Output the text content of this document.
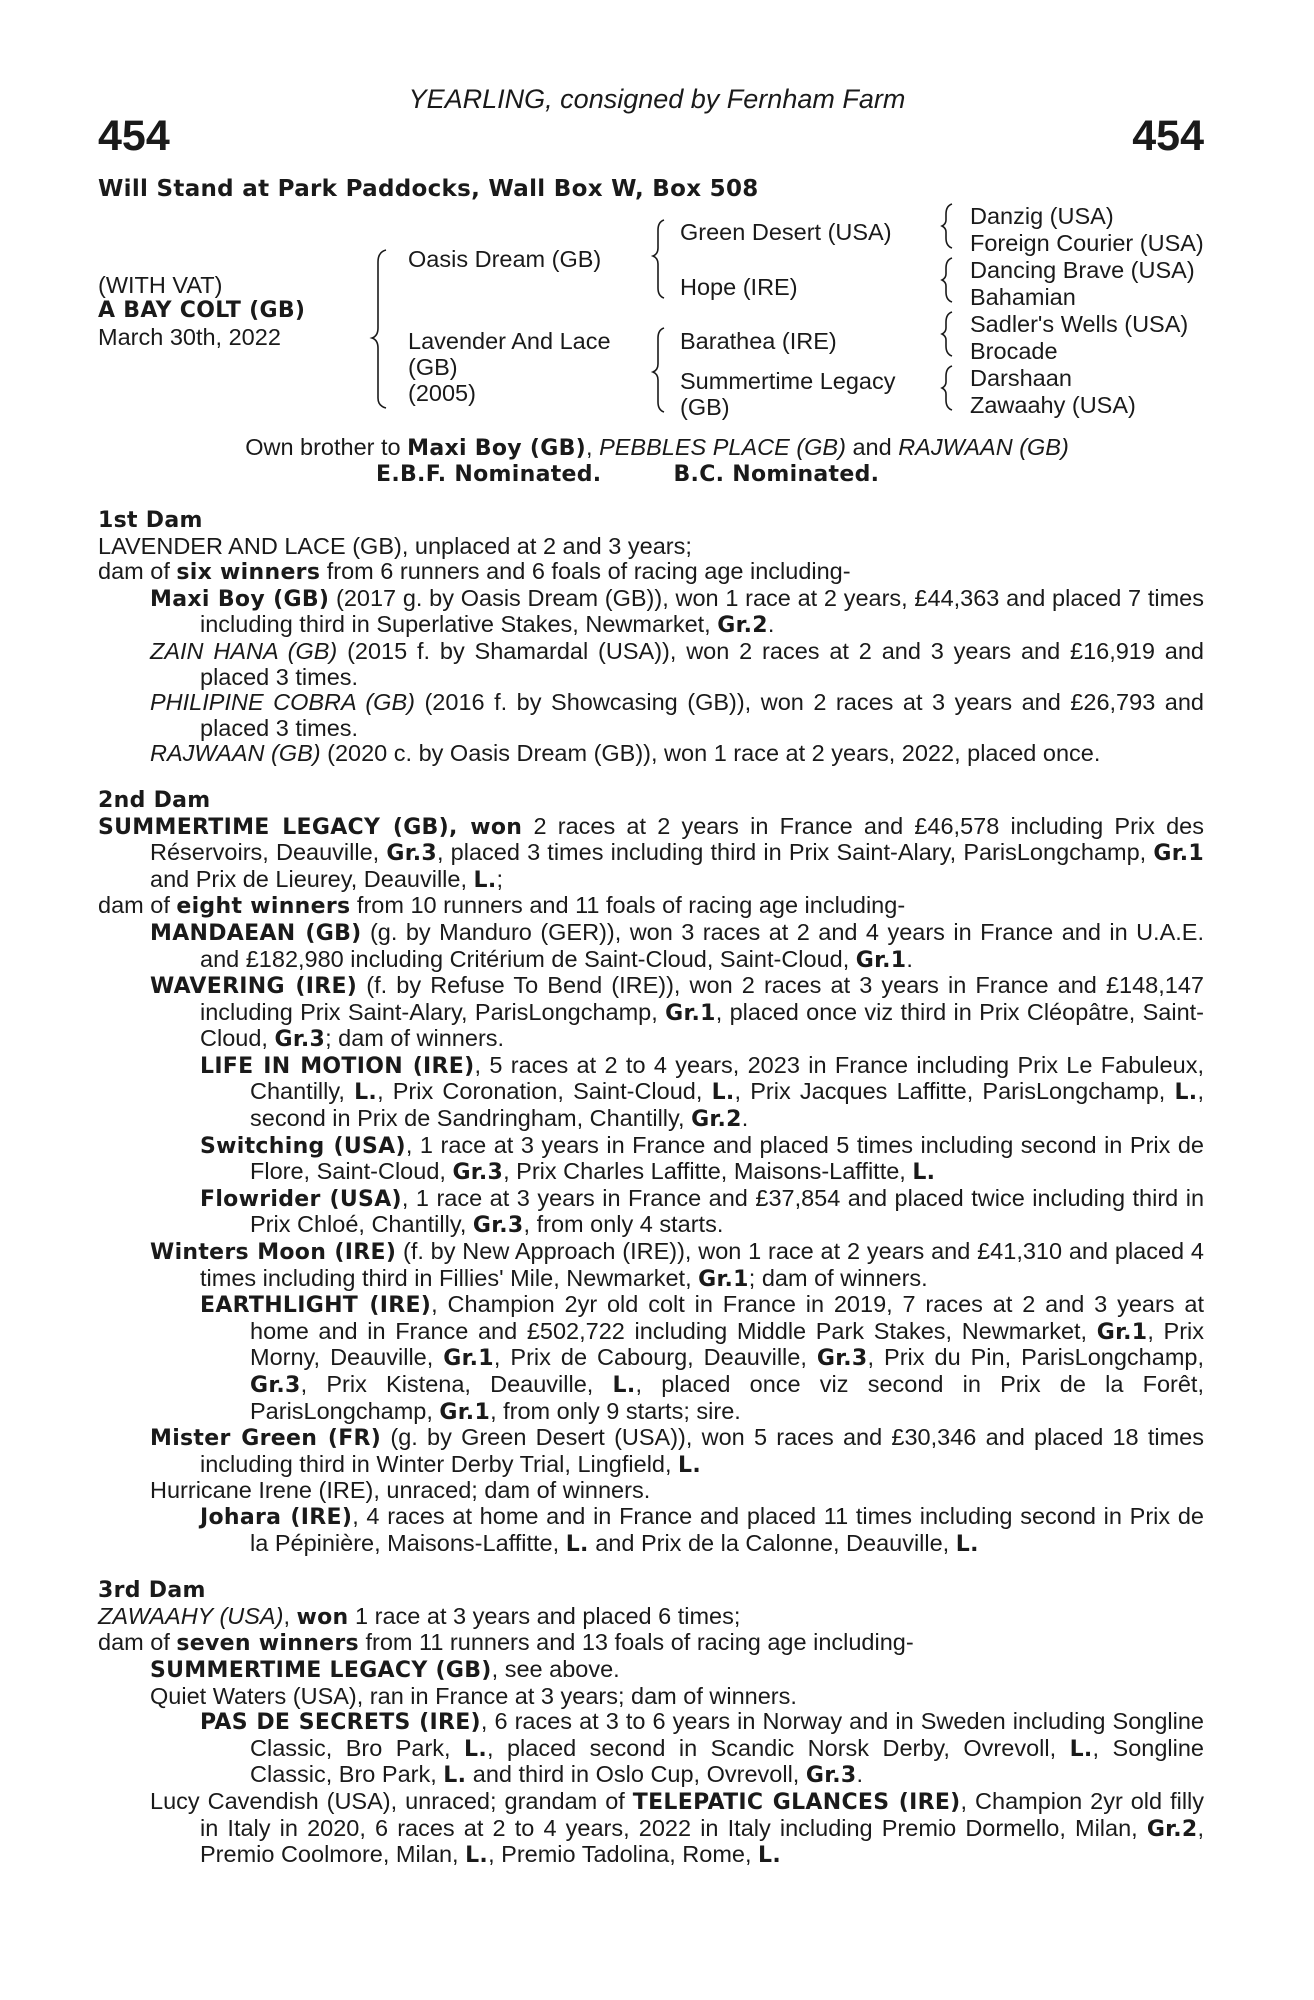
YEARLING, consigned by Fernham Farm
454	454
Will Stand at Park Paddocks, Wall Box W, Box 508
(WITH VAT)
A BAY COLT (GB)
March 30th, 2022
Oasis Dream (GB)
Lavender And Lace
(GB)
(2005)
Green Desert (USA)
Hope (IRE)
Barathea (IRE)
Summertime Legacy
(GB)
Danzig (USA)
Foreign Courier (USA)
Dancing Brave (USA)
Bahamian
Sadler's Wells (USA)
Brocade
Darshaan
Zawaahy (USA)
Own brother to Maxi Boy (GB), PEBBLES PLACE (GB) and RAJWAAN (GB)
E.B.F. Nominated.	B.C. Nominated.
1st Dam
LAVENDER AND LACE (GB), unplaced at 2 and 3 years;
dam of six winners from 6 runners and 6 foals of racing age including-
Maxi Boy (GB) (2017 g. by Oasis Dream (GB)), won 1 race at 2 years, £44,363 and placed 7 times including third in Superlative Stakes, Newmarket, Gr.2.
ZAIN HANA (GB) (2015 f. by Shamardal (USA)), won 2 races at 2 and 3 years and £16,919 and placed 3 times.
PHILIPINE COBRA (GB) (2016 f. by Showcasing (GB)), won 2 races at 3 years and £26,793 and placed 3 times.
RAJWAAN (GB) (2020 c. by Oasis Dream (GB)), won 1 race at 2 years, 2022, placed once.
2nd Dam
SUMMERTIME LEGACY (GB), won 2 races at 2 years in France and £46,578 including Prix des Réservoirs, Deauville, Gr.3, placed 3 times including third in Prix Saint-Alary, ParisLongchamp, Gr.1 and Prix de Lieurey, Deauville, L.;
dam of eight winners from 10 runners and 11 foals of racing age including-
MANDAEAN (GB) (g. by Manduro (GER)), won 3 races at 2 and 4 years in France and in U.A.E. and £182,980 including Critérium de Saint-Cloud, Saint-Cloud, Gr.1.
WAVERING (IRE) (f. by Refuse To Bend (IRE)), won 2 races at 3 years in France and £148,147 including Prix Saint-Alary, ParisLongchamp, Gr.1, placed once viz third in Prix Cléopâtre, Saint-Cloud, Gr.3; dam of winners.
LIFE IN MOTION (IRE), 5 races at 2 to 4 years, 2023 in France including Prix Le Fabuleux, Chantilly, L., Prix Coronation, Saint-Cloud, L., Prix Jacques Laffitte, ParisLongchamp, L., second in Prix de Sandringham, Chantilly, Gr.2.
Switching (USA), 1 race at 3 years in France and placed 5 times including second in Prix de Flore, Saint-Cloud, Gr.3, Prix Charles Laffitte, Maisons-Laffitte, L.
Flowrider (USA), 1 race at 3 years in France and £37,854 and placed twice including third in Prix Chloé, Chantilly, Gr.3, from only 4 starts.
Winters Moon (IRE) (f. by New Approach (IRE)), won 1 race at 2 years and £41,310 and placed 4 times including third in Fillies' Mile, Newmarket, Gr.1; dam of winners.
EARTHLIGHT (IRE), Champion 2yr old colt in France in 2019, 7 races at 2 and 3 years at home and in France and £502,722 including Middle Park Stakes, Newmarket, Gr.1, Prix Morny, Deauville, Gr.1, Prix de Cabourg, Deauville, Gr.3, Prix du Pin, ParisLongchamp, Gr.3, Prix Kistena, Deauville, L., placed once viz second in Prix de la Forêt, ParisLongchamp, Gr.1, from only 9 starts; sire.
Mister Green (FR) (g. by Green Desert (USA)), won 5 races and £30,346 and placed 18 times including third in Winter Derby Trial, Lingfield, L.
Hurricane Irene (IRE), unraced; dam of winners.
Johara (IRE), 4 races at home and in France and placed 11 times including second in Prix de la Pépinière, Maisons-Laffitte, L. and Prix de la Calonne, Deauville, L.
3rd Dam
ZAWAAHY (USA), won 1 race at 3 years and placed 6 times;
dam of seven winners from 11 runners and 13 foals of racing age including-
SUMMERTIME LEGACY (GB), see above.
Quiet Waters (USA), ran in France at 3 years; dam of winners.
PAS DE SECRETS (IRE), 6 races at 3 to 6 years in Norway and in Sweden including Songline Classic, Bro Park, L., placed second in Scandic Norsk Derby, Ovrevoll, L., Songline Classic, Bro Park, L. and third in Oslo Cup, Ovrevoll, Gr.3.
Lucy Cavendish (USA), unraced; grandam of TELEPATIC GLANCES (IRE), Champion 2yr old filly in Italy in 2020, 6 races at 2 to 4 years, 2022 in Italy including Premio Dormello, Milan, Gr.2, Premio Coolmore, Milan, L., Premio Tadolina, Rome, L.
